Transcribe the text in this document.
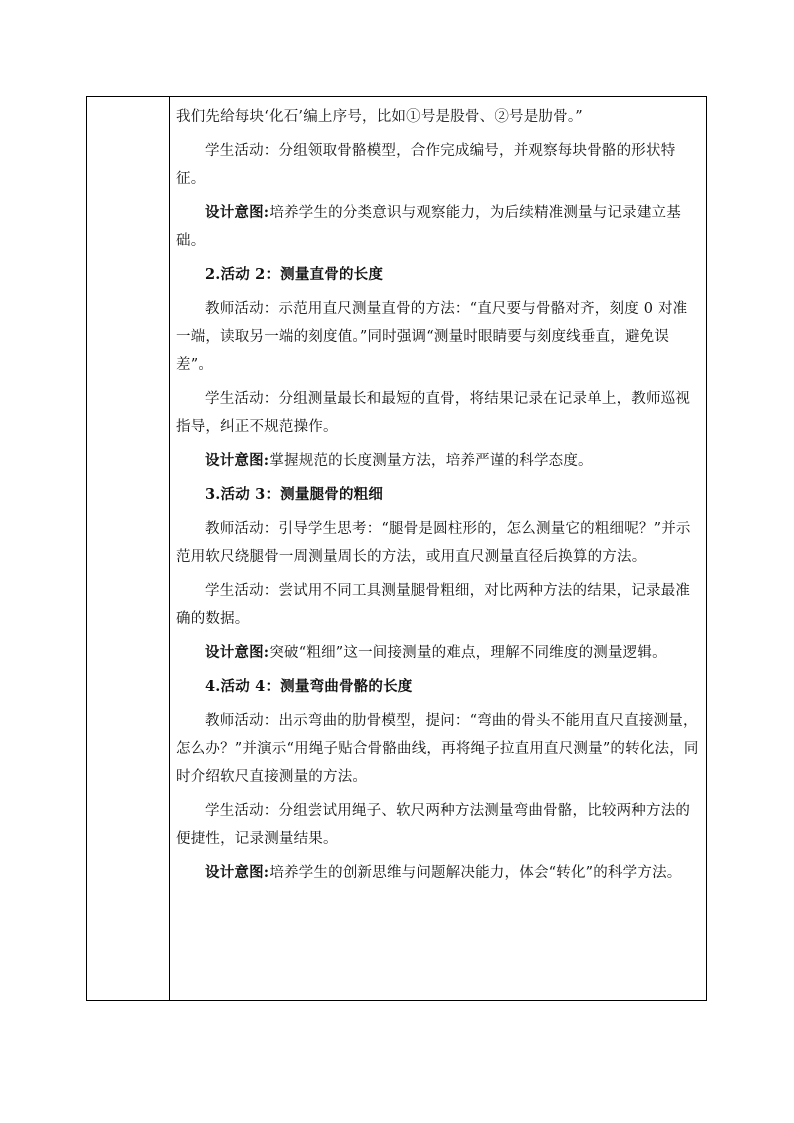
我们先给每块‘化石’编上序号，比如①号是股骨、②号是肋骨。”

学生活动：分组领取骨骼模型，合作完成编号，并观察每块骨骼的形状特征。

设计意图:培养学生的分类意识与观察能力，为后续精准测量与记录建立基础。

2.活动 2：测量直骨的长度

教师活动：示范用直尺测量直骨的方法：“直尺要与骨骼对齐，刻度 0 对准一端，读取另一端的刻度值。”同时强调“测量时眼睛要与刻度线垂直，避免误差”。

学生活动：分组测量最长和最短的直骨，将结果记录在记录单上，教师巡视指导，纠正不规范操作。

设计意图:掌握规范的长度测量方法，培养严谨的科学态度。

3.活动 3：测量腿骨的粗细

教师活动：引导学生思考：“腿骨是圆柱形的，怎么测量它的粗细呢？”并示范用软尺绕腿骨一周测量周长的方法，或用直尺测量直径后换算的方法。

学生活动：尝试用不同工具测量腿骨粗细，对比两种方法的结果，记录最准确的数据。

设计意图:突破“粗细”这一间接测量的难点，理解不同维度的测量逻辑。

4.活动 4：测量弯曲骨骼的长度

教师活动：出示弯曲的肋骨模型，提问：“弯曲的骨头不能用直尺直接测量，怎么办？”并演示“用绳子贴合骨骼曲线，再将绳子拉直用直尺测量”的转化法，同时介绍软尺直接测量的方法。

学生活动：分组尝试用绳子、软尺两种方法测量弯曲骨骼，比较两种方法的便捷性，记录测量结果。

设计意图:培养学生的创新思维与问题解决能力，体会“转化”的科学方法。
